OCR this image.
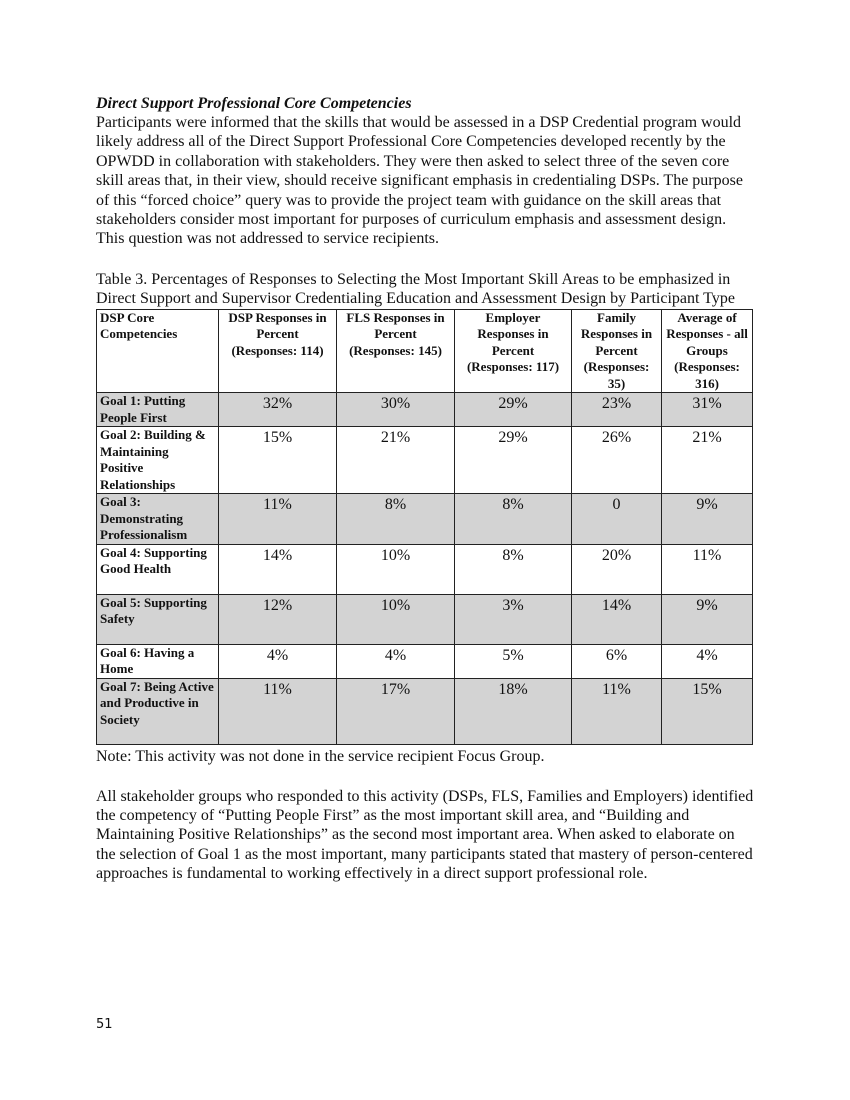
Direct Support Professional Core Competencies

Participants were informed that the skills that would be assessed in a DSP Credential program would likely address all of the Direct Support Professional Core Competencies developed recently by the OPWDD in collaboration with stakeholders. They were then asked to select three of the seven core skill areas that, in their view, should receive significant emphasis in credentialing DSPs. The purpose of this “forced choice” query was to provide the project team with guidance on the skill areas that stakeholders consider most important for purposes of curriculum emphasis and assessment design. This question was not addressed to service recipients.

Table 3. Percentages of Responses to Selecting the Most Important Skill Areas to be emphasized in Direct Support and Supervisor Credentialing Education and Assessment Design by Participant Type

DSP Core Competencies	DSP Responses in Percent (Responses: 114)	FLS Responses in Percent (Responses: 145)	Employer Responses in Percent (Responses: 117)	Family Responses in Percent (Responses: 35)	Average of Responses - all Groups (Responses: 316)
Goal 1: Putting People First	32%	30%	29%	23%	31%
Goal 2: Building & Maintaining Positive Relationships	15%	21%	29%	26%	21%
Goal 3: Demonstrating Professionalism	11%	8%	8%	0	9%
Goal 4: Supporting Good Health	14%	10%	8%	20%	11%
Goal 5: Supporting Safety	12%	10%	3%	14%	9%
Goal 6: Having a Home	4%	4%	5%	6%	4%
Goal 7: Being Active and Productive in Society	11%	17%	18%	11%	15%

Note: This activity was not done in the service recipient Focus Group.

All stakeholder groups who responded to this activity (DSPs, FLS, Families and Employers) identified the competency of “Putting People First” as the most important skill area, and “Building and Maintaining Positive Relationships” as the second most important area. When asked to elaborate on the selection of Goal 1 as the most important, many participants stated that mastery of person-centered approaches is fundamental to working effectively in a direct support professional role.

51
